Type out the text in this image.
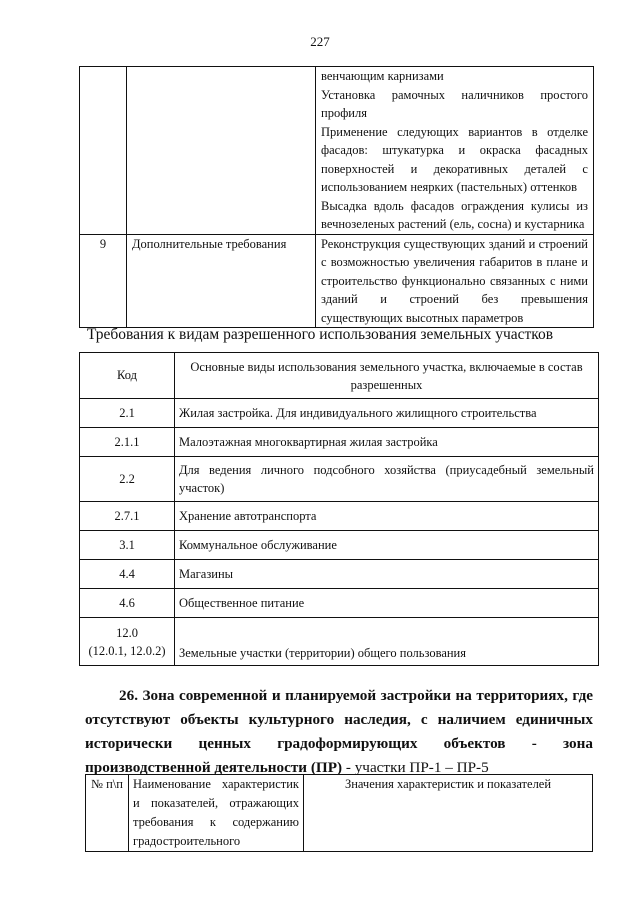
227

		венчающим карнизами
Установка рамочных наличников простого профиля
Применение следующих вариантов в отделке фасадов: штукатурка и окраска фасадных поверхностей и декоративных деталей с использованием неярких (пастельных) оттенков
Высадка вдоль фасадов ограждения кулисы из вечнозеленых растений (ель, сосна) и кустарника

9	Дополнительные требования	Реконструкция существующих зданий и строений с возможностью увеличения габаритов в плане и строительство функционально связанных с ними зданий и строений без превышения существующих высотных параметров
Требования к видам разрешенного использования земельных участков
Код	Основные виды использования земельного участка, включаемые в состав разрешенных
2.1	Жилая застройка. Для индивидуального жилищного строительства
2.1.1	Малоэтажная многоквартирная жилая застройка
2.2	Для ведения личного подсобного хозяйства (приусадебный земельный участок)
2.7.1	Хранение автотранспорта
3.1	Коммунальное обслуживание
4.4	Магазины
4.6	Общественное питание

12.0
(12.0.1, 12.0.2)	Земельные участки (территории) общего пользования
26. Зона современной и планируемой застройки на территориях, где
отсутствуют объекты культурного наследия, с наличием единичных
исторически ценных градоформирующих объектов - зона
производственной деятельности (ПР) - участки ПР-1 – ПР-5
№ п\п	Наименование характеристик и показателей, отражающих требования к содержанию градостроительного	Значения характеристик и показателей
